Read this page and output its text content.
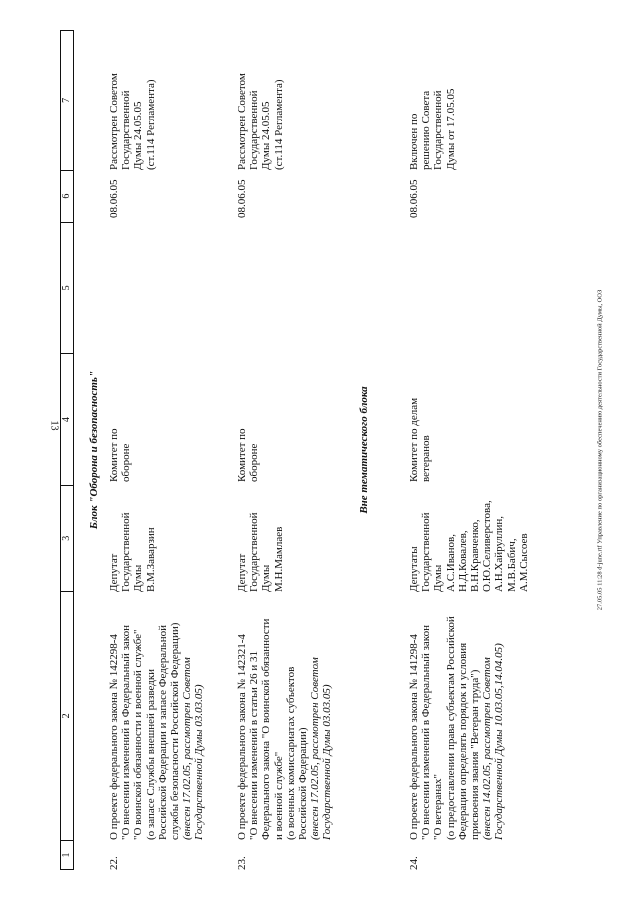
13	27.05.05 11:28 d-june.rtf Управление по организационному обеспечению деятельности Государственной Думы, ООЗ
1
2
3
4
5
6
7
Блок "Оборона и безопасность"
22.
О проекте федерального закона № 142298-4 "О внесении изменений в Федеральный закон "О воинской обязанности и военной службе" (о запасе Службы внешней разведки Российской Федерации и запасе Федеральной службы безопасности Российской Федерации) (внесен 17.02.05, рассмотрен Советом Государственной Думы 03.03.05)
Депутат Государственной Думы В.М.Заварзин
Комитет по обороне
08.06.05
Рассмотрен Советом Государственной Думы 24.05.05 (ст.114 Регламента)
23.
О проекте федерального закона № 142321-4 "О внесении изменений в статьи 26 и 31 Федерального закона "О воинской обязанности и военной службе" (о военных комиссариатах субъектов Российской Федерации) (внесен 17.02.05, рассмотрен Советом Государственной Думы 03.03.05)
Депутат Государственной Думы М.Н.Мамлаев
Комитет по обороне
08.06.05
Рассмотрен Советом Государственной Думы 24.05.05 (ст.114 Регламента)
Вне тематического блока
24.
О проекте федерального закона № 141298-4 "О внесении изменений в Федеральный закон "О ветеранах" (о предоставлении права субъектам Российской Федерации определять порядок и условия присвоения звания "Ветеран труда") (внесен 14.02.05, рассмотрен Советом Государственной Думы 10.03.05,14.04.05)
Депутаты Государственной Думы А.С.Иванов, Н.Д.Ковалев, В.Н.Кравченко, О.Ю.Селиверстова, А.Н.Хайруллин, М.В.Бабич, А.М.Сысоев
Комитет по делам ветеранов
08.06.05
Включен по решению Совета Государственной Думы от 17.05.05
